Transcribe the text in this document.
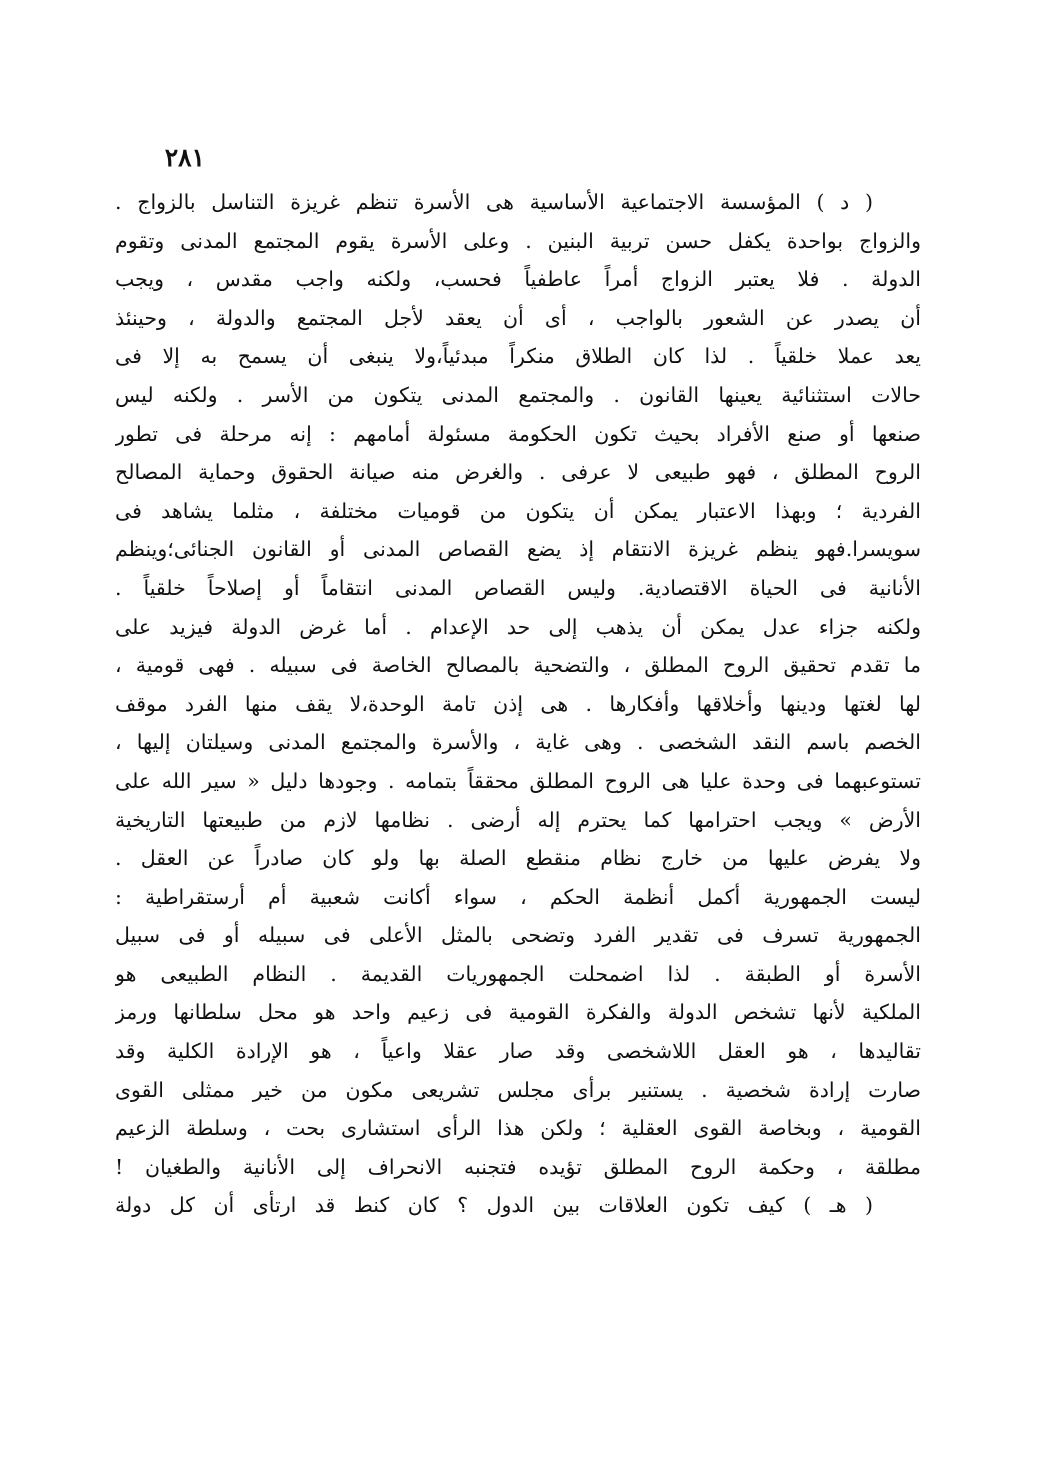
٢٨١

( د ) المؤسسة الاجتماعية الأساسية هى الأسرة تنظم غريزة التناسل بالزواج .
والزواج بواحدة يكفل حسن تربية البنين . وعلى الأسرة يقوم المجتمع المدنى وتقوم
الدولة . فلا يعتبر الزواج أمراً عاطفياً فحسب، ولكنه واجب مقدس ، ويجب
أن يصدر عن الشعور بالواجب ، أى أن يعقد لأجل المجتمع والدولة ، وحينئذ
يعد عملا خلقياً . لذا كان الطلاق منكراً مبدئياً،ولا ينبغى أن يسمح به إلا فى
حالات استثنائية يعينها القانون . والمجتمع المدنى يتكون من الأسر . ولكنه ليس
صنعها أو صنع الأفراد بحيث تكون الحكومة مسئولة أمامهم : إنه مرحلة فى تطور
الروح المطلق ، فهو طبيعى لا عرفى . والغرض منه صيانة الحقوق وحماية المصالح
الفردية ؛ وبهذا الاعتبار يمكن أن يتكون من قوميات مختلفة ، مثلما يشاهد فى
سويسرا.فهو ينظم غريزة الانتقام إذ يضع القصاص المدنى أو القانون الجنائى؛وينظم
الأنانية فى الحياة الاقتصادية. وليس القصاص المدنى انتقاماً أو إصلاحاً خلقياً .
ولكنه جزاء عدل يمكن أن يذهب إلى حد الإعدام . أما غرض الدولة فيزيد على
ما تقدم تحقيق الروح المطلق ، والتضحية بالمصالح الخاصة فى سبيله . فهى قومية ،
لها لغتها ودينها وأخلاقها وأفكارها . هى إذن تامة الوحدة،لا يقف منها الفرد موقف
الخصم باسم النقد الشخصى . وهى غاية ، والأسرة والمجتمع المدنى وسيلتان إليها ،
تستوعبهما فى وحدة عليا هى الروح المطلق محققاً بتمامه . وجودها دليل « سير الله على
الأرض » ويجب احترامها كما يحترم إله أرضى . نظامها لازم من طبيعتها التاريخية
ولا يفرض عليها من خارج نظام منقطع الصلة بها ولو كان صادراً عن العقل .
ليست الجمهورية أكمل أنظمة الحكم ، سواء أكانت شعبية أم أرستقراطية :
الجمهورية تسرف فى تقدير الفرد وتضحى بالمثل الأعلى فى سبيله أو فى سبيل
الأسرة أو الطبقة . لذا اضمحلت الجمهوريات القديمة . النظام الطبيعى هو
الملكية لأنها تشخص الدولة والفكرة القومية فى زعيم واحد هو محل سلطانها ورمز
تقاليدها ، هو العقل اللاشخصى وقد صار عقلا واعياً ، هو الإرادة الكلية وقد
صارت إرادة شخصية . يستنير برأى مجلس تشريعى مكون من خير ممثلى القوى
القومية ، وبخاصة القوى العقلية ؛ ولكن هذا الرأى استشارى بحت ، وسلطة الزعيم
مطلقة ، وحكمة الروح المطلق تؤيده فتجنبه الانحراف إلى الأنانية والطغيان !
( هـ ) كيف تكون العلاقات بين الدول ؟ كان كنط قد ارتأى أن كل دولة
